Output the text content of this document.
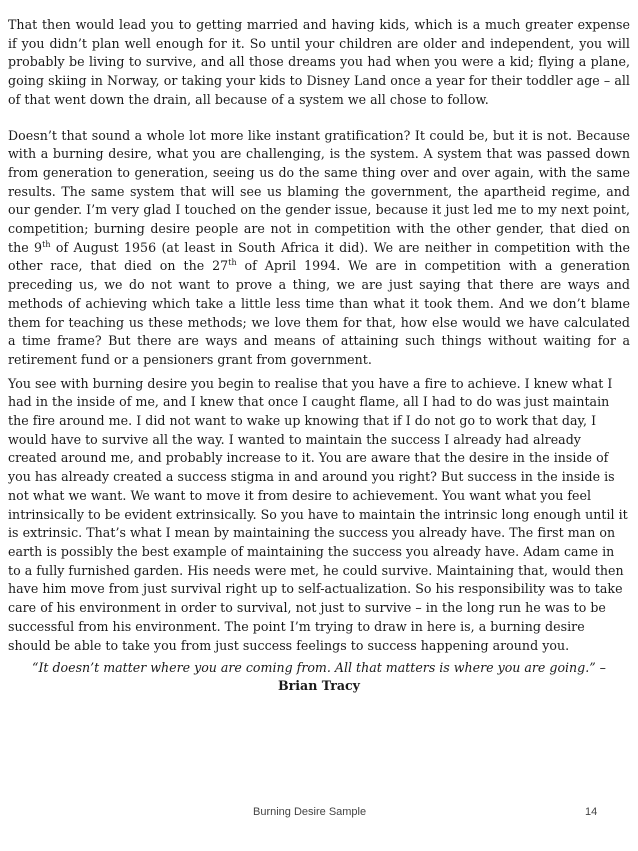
That then would lead you to getting married and having kids, which is a much greater expense if you didn’t plan well enough for it. So until your children are older and independent, you will probably be living to survive, and all those dreams you had when you were a kid; flying a plane, going skiing in Norway, or taking your kids to Disney Land once a year for their toddler age – all of that went down the drain, all because of a system we all chose to follow.

Doesn’t that sound a whole lot more like instant gratification? It could be, but it is not. Because with a burning desire, what you are challenging, is the system. A system that was passed down from generation to generation, seeing us do the same thing over and over again, with the same results. The same system that will see us blaming the government, the apartheid regime, and our gender. I’m very glad I touched on the gender issue, because it just led me to my next point, competition; burning desire people are not in competition with the other gender, that died on the 9th of August 1956 (at least in South Africa it did). We are neither in competition with the other race, that died on the 27th of April 1994. We are in competition with a generation preceding us, we do not want to prove a thing, we are just saying that there are ways and methods of achieving which take a little less time than what it took them. And we don’t blame them for teaching us these methods; we love them for that, how else would we have calculated a time frame? But there are ways and means of attaining such things without waiting for a retirement fund or a pensioners grant from government.

You see with burning desire you begin to realise that you have a fire to achieve. I knew what I had in the inside of me, and I knew that once I caught flame, all I had to do was just maintain the fire around me. I did not want to wake up knowing that if I do not go to work that day, I would have to survive all the way. I wanted to maintain the success I already had already created around me, and probably increase to it. You are aware that the desire in the inside of you has already created a success stigma in and around you right? But success in the inside is not what we want. We want to move it from desire to achievement. You want what you feel intrinsically to be evident extrinsically. So you have to maintain the intrinsic long enough until it is extrinsic. That’s what I mean by maintaining the success you already have. The first man on earth is possibly the best example of maintaining the success you already have. Adam came in to a fully furnished garden. His needs were met, he could survive. Maintaining that, would then have him move from just survival right up to self-actualization. So his responsibility was to take care of his environment in order to survival, not just to survive – in the long run he was to be successful from his environment. The point I’m trying to draw in here is, a burning desire should be able to take you from just success feelings to success happening around you.

“It doesn’t matter where you are coming from. All that matters is where you are going.” –
Brian Tracy
Burning Desire Sample	14
